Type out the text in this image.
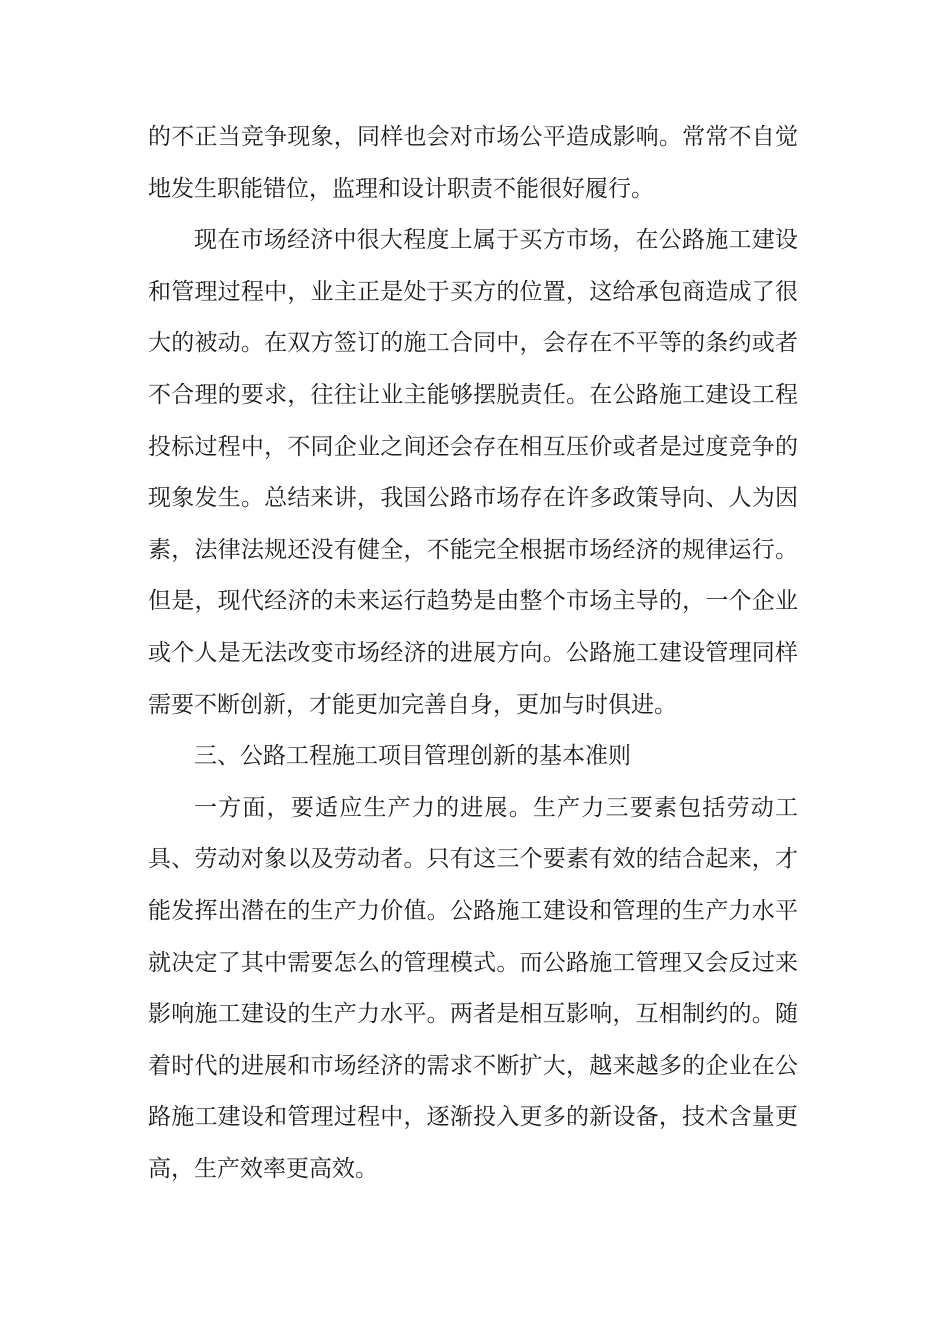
的不正当竞争现象，同样也会对市场公平造成影响。常常不自觉地发生职能错位，监理和设计职责不能很好履行。

现在市场经济中很大程度上属于买方市场，在公路施工建设和管理过程中，业主正是处于买方的位置，这给承包商造成了很大的被动。在双方签订的施工合同中，会存在不平等的条约或者不合理的要求，往往让业主能够摆脱责任。在公路施工建设工程投标过程中，不同企业之间还会存在相互压价或者是过度竞争的现象发生。总结来讲，我国公路市场存在许多政策导向、人为因素，法律法规还没有健全，不能完全根据市场经济的规律运行。但是，现代经济的未来运行趋势是由整个市场主导的，一个企业或个人是无法改变市场经济的进展方向。公路施工建设管理同样需要不断创新，才能更加完善自身，更加与时俱进。

三、公路工程施工项目管理创新的基本准则

一方面，要适应生产力的进展。生产力三要素包括劳动工具、劳动对象以及劳动者。只有这三个要素有效的结合起来，才能发挥出潜在的生产力价值。公路施工建设和管理的生产力水平就决定了其中需要怎么的管理模式。而公路施工管理又会反过来影响施工建设的生产力水平。两者是相互影响，互相制约的。随着时代的进展和市场经济的需求不断扩大，越来越多的企业在公路施工建设和管理过程中，逐渐投入更多的新设备，技术含量更高，生产效率更高效。
